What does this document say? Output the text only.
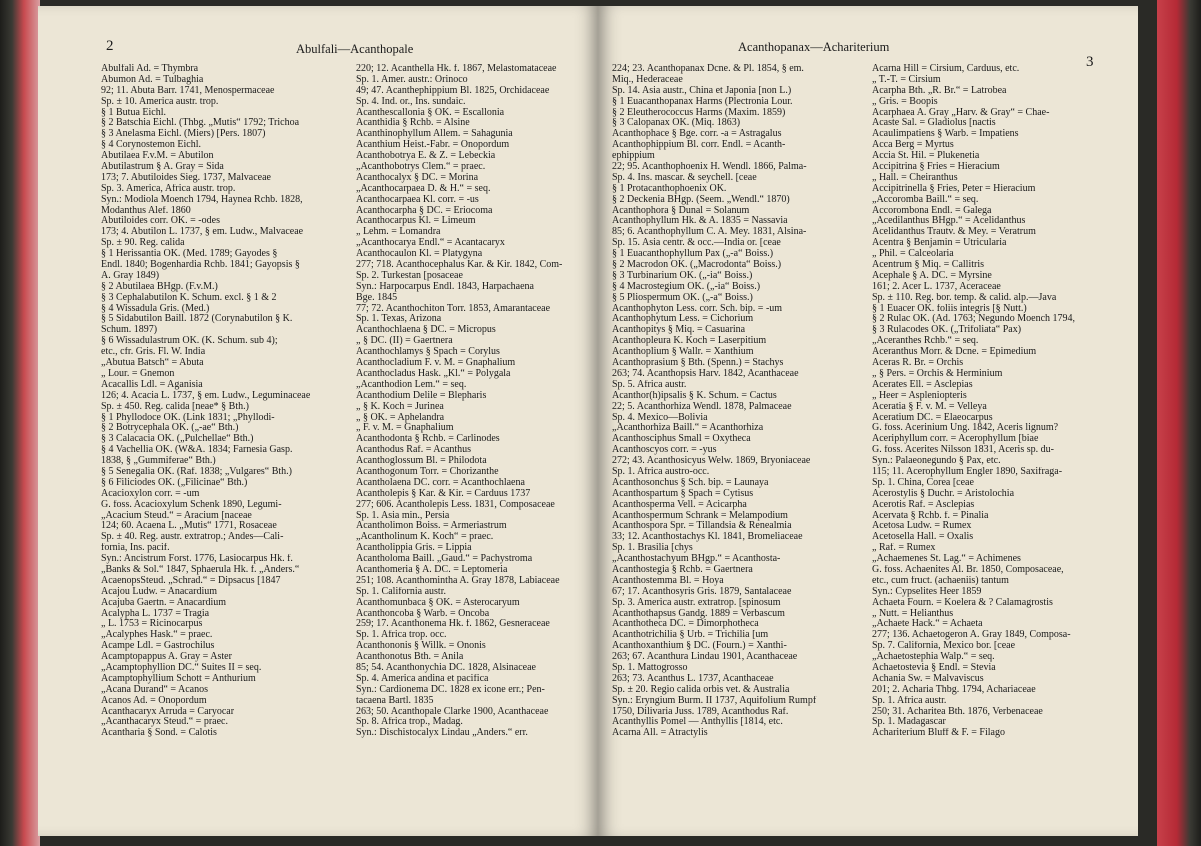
2	Abulfali—Acanthopale
Abulfali Ad. = Thymbra
Abumon Ad. = Tulbaghia
92; 11. Abuta Barr. 1741, Menospermaceae
Sp. ± 10. America austr. trop.
§ 1 Butua Eichl.
§ 2 Batschia Eichl. (Thbg. „Mutis“ 1792; Trichoa
§ 3 Anelasma Eichl. (Miers) [Pers. 1807)
§ 4 Corynostemon Eichl.
Abutilaea F.v.M. = Abutilon
Abutilastrum § A. Gray = Sida
173; 7. Abutiloides Sieg. 1737, Malvaceae
Sp. 3. America, Africa austr. trop.
Syn.: Modiola Moench 1794, Haynea Rchb. 1828,
Modanthus Alef. 1860
Abutiloides corr. OK. = -odes
173; 4. Abutilon L. 1737, § em. Ludw., Malvaceae
Sp. ± 90. Reg. calida
§ 1 Herissantia OK. (Med. 1789; Gayodes §
Endl. 1840; Bogenhardia Rchb. 1841; Gayopsis §
A. Gray 1849)
§ 2 Abutilaea BHgp. (F.v.M.)
§ 3 Cephalabutilon K. Schum. excl. § 1 & 2
§ 4 Wissadula Gris. (Med.)
§ 5 Sidabutilon Baill. 1872 (Corynabutilon § K.
Schum. 1897)
§ 6 Wissadulastrum OK. (K. Schum. sub 4);
etc., cfr. Gris. Fl. W. India
„Abutua Batsch“ = Abuta
„ Lour. = Gnemon
Acacallis Ldl. = Aganisia
126; 4. Acacia L. 1737, § em. Ludw., Leguminaceae
Sp. ± 450. Reg. calida [neae* § Bth.)
§ 1 Phyllodoce OK. (Link 1831; „Phyllodi-
§ 2 Botrycephala OK. („-ae“ Bth.)
§ 3 Calacacia OK. („Pulchellae“ Bth.)
§ 4 Vachellia OK. (W&A. 1834; Farnesia Gasp.
1838, § „Gummiferae“ Bth.)
§ 5 Senegalia OK. (Raf. 1838; „Vulgares“ Bth.)
§ 6 Filiciodes OK. („Filicinae“ Bth.)
Acacioxylon corr. = -um
G. foss. Acacioxylum Schenk 1890, Legumi-
„Acacium Steud.“ = Aracium [naceae
124; 60. Acaena L. „Mutis“ 1771, Rosaceae
Sp. ± 40. Reg. austr. extratrop.; Andes—Cali-
fornia, Ins. pacif.
Syn.: Ancistrum Forst. 1776, Lasiocarpus Hk. f.
„Banks & Sol.“ 1847, Sphaerula Hk. f. „Anders.“
AcaenopsSteud. „Schrad.“ = Dipsacus [1847
Acajou Ludw. = Anacardium
Acajuba Gaertn. = Anacardium
Acalypha L. 1737 = Tragia
„ L. 1753 = Ricinocarpus
„Acalyphes Hask.“ = praec.
Acampe Ldl. = Gastrochilus
Acamptopappus A. Gray = Aster
„Acamptophyllion DC.“ Suites II = seq.
Acamptophyllium Schott = Anthurium
„Acana Durand“ = Acanos
Acanos Ad. = Onopordum
Acanthacaryx Arruda = Caryocar
„Acanthacaryx Steud.“ = praec.
Acantharia § Sond. = Calotis
220; 12. Acanthella Hk. f. 1867, Melastomataceae
Sp. 1. Amer. austr.: Orinoco
49; 47. Acanthephippium Bl. 1825, Orchidaceae
Sp. 4. Ind. or., Ins. sundaic.
Acanthescallonia § OK. = Escallonia
Acanthidia § Rchb. = Alsine
Acanthinophyllum Allem. = Sahagunia
Acanthium Heist.-Fabr. = Onopordum
Acanthobotrya E. & Z. = Lebeckia
„Acanthobotrys Clem.“ = praec.
Acanthocalyx § DC. = Morina
„Acanthocarpaea D. & H.“ = seq.
Acanthocarpaea Kl. corr. = -us
Acanthocarpha § DC. = Eriocoma
Acanthocarpus Kl. = Limeum
„ Lehm. = Lomandra
„Acanthocarya Endl.“ = Acantacaryx
Acanthocaulon Kl. = Platygyna
277; 718. Acanthocephalus Kar. & Kir. 1842, Com-
Sp. 2. Turkestan [posaceae
Syn.: Harpocarpus Endl. 1843, Harpachaena
Bge. 1845
77; 72. Acanthochiton Torr. 1853, Amarantaceae
Sp. 1. Texas, Arizona
Acanthochlaena § DC. = Micropus
„ § DC. (II) = Gaertnera
Acanthochlamys § Spach = Corylus
Acanthocladium F. v. M. = Gnaphalium
Acanthocladus Hask. „Kl.“ = Polygala
„Acanthodion Lem.“ = seq.
Acanthodium Delile = Blepharis
„ § K. Koch = Jurinea
„ § OK. = Aphelandra
„ F. v. M. = Gnaphalium
Acanthodonta § Rchb. = Carlinodes
Acanthodus Raf. = Acanthus
Acanthoglossum Bl. = Philodota
Acanthogonum Torr. = Chorizanthe
Acantholaena DC. corr. = Acanthochlaena
Acantholepis § Kar. & Kir. = Carduus 1737
277; 606. Acantholepis Less. 1831, Composaceae
Sp. 1. Asia min., Persia
Acantholimon Boiss. = Armeriastrum
„Acantholinum K. Koch“ = praec.
Acantholippia Gris. = Lippia
Acantholoma Baill. „Gaud.“ = Pachystroma
Acanthomeria § A. DC. = Leptomeria
251; 108. Acanthomintha A. Gray 1878, Labiaceae
Sp. 1. California austr.
Acanthomunbaca § OK. = Asterocaryum
Acanthoncoba § Warb. = Oncoba
259; 17. Acanthonema Hk. f. 1862, Gesneraceae
Sp. 1. Africa trop. occ.
Acanthononis § Willk. = Ononis
Acanthonotus Bth. = Anila
85; 54. Acanthonychia DC. 1828, Alsinaceae
Sp. 4. America andina et pacifica
Syn.: Cardionema DC. 1828 ex icone err.; Pen-
tacaena Bartl. 1835
263; 50. Acanthopale Clarke 1900, Acanthaceae
Sp. 8. Africa trop., Madag.
Syn.: Dischistocalyx Lindau „Anders.“ err.
3
Acanthopanax—Achariterium
224; 23. Acanthopanax Dcne. & Pl. 1854, § em.
Miq., Hederaceae
Sp. 14. Asia austr., China et Japonia [non L.)
§ 1 Euacanthopanax Harms (Plectronia Lour.
§ 2 Eleutherococcus Harms (Maxim. 1859)
§ 3 Calopanax OK. (Miq. 1863)
Acanthophace § Bge. corr. -a = Astragalus
Acanthophippium Bl. corr. Endl. = Acanth-
ephippium
22; 95. Acanthophoenix H. Wendl. 1866, Palma-
Sp. 4. Ins. mascar. & seychell. [ceae
§ 1 Protacanthophoenix OK.
§ 2 Deckenia BHgp. (Seem. „Wendl.“ 1870)
Acanthophora § Dunal = Solanum
Acanthophyllum Hk. & A. 1835 = Nassavia
85; 6. Acanthophyllum C. A. Mey. 1831, Alsina-
Sp. 15. Asia centr. & occ.—India or. [ceae
§ 1 Euacanthophyllum Pax („-a“ Boiss.)
§ 2 Macrodon OK. („Macrodonta“ Boiss.)
§ 3 Turbinarium OK. („-ia“ Boiss.)
§ 4 Macrostegium OK. („-ia“ Boiss.)
§ 5 Pliospermum OK. („-a“ Boiss.)
Acanthophyton Less. corr. Sch. bip. = -um
Acanthophytum Less. = Cichorium
Acanthopitys § Miq. = Casuarina
Acanthopleura K. Koch = Laserpitium
Acanthoplium § Wallr. = Xanthium
Acanthoprasium § Bth. (Spenn.) = Stachys
263; 74. Acanthopsis Harv. 1842, Acanthaceae
Sp. 5. Africa austr.
Acanthor(h)ipsalis § K. Schum. = Cactus
22; 5. Acanthorhiza Wendl. 1878, Palmaceae
Sp. 4. Mexico—Bolivia
„Acanthorhiza Baill.“ = Acanthorhiza
Acanthosciphus Small = Oxytheca
Acanthoscyos corr. = -yus
272; 43. Acanthosicyus Welw. 1869, Bryoniaceae
Sp. 1. Africa austro-occ.
Acanthosonchus § Sch. bip. = Launaya
Acanthospartum § Spach = Cytisus
Acanthosperma Vell. = Acicarpha
Acanthospermum Schrank = Melampodium
Acanthospora Spr. = Tillandsia & Renealmia
33; 12. Acanthostachys Kl. 1841, Bromeliaceae
Sp. 1. Brasilia [chys
„Acanthostachyum BHgp.“ = Acanthosta-
Acanthostegia § Rchb. = Gaertnera
Acanthostemma Bl. = Hoya
67; 17. Acanthosyris Gris. 1879, Santalaceae
Sp. 3. America austr. extratrop. [spinosum
Acanthothapsus Gandg. 1889 = Verbascum
Acanthotheca DC. = Dimorphotheca
Acanthotrichilia § Urb. = Trichilia [um
Acanthoxanthium § DC. (Fourn.) = Xanthi-
263; 67. Acanthura Lindau 1901, Acanthaceae
Sp. 1. Mattogrosso
263; 73. Acanthus L. 1737, Acanthaceae
Sp. ± 20. Regio calida orbis vet. & Australia
Syn.: Eryngium Burm. II 1737, Aquifolium Rumpf
1750, Dilivaria Juss. 1789, Acanthodus Raf.
Acanthyllis Pomel — Anthyllis [1814, etc.
Acarna All. = Atractylis
Acarna Hill = Cirsium, Carduus, etc.
„ T.-T. = Cirsium
Acarpha Bth. „R. Br.“ = Latrobea
„ Gris. = Boopis
Acarphaea A. Gray „Harv. & Gray“ = Chae-
Acaste Sal. = Gladiolus [nactis
Acaulimpatiens § Warb. = Impatiens
Acca Berg = Myrtus
Accia St. Hil. = Plukenetia
Accipitrina § Fries = Hieracium
„ Hall. = Cheiranthus
Accipitrinella § Fries, Peter = Hieracium
„Accoromba Baill.“ = seq.
Accorombona Endl. = Galega
„Acedilanthus BHgp.“ = Acelidanthus
Acelidanthus Trautv. & Mey. = Veratrum
Acentra § Benjamin = Utricularia
„ Phil. = Calceolaria
Acentrum § Miq. = Callitris
Acephale § A. DC. = Myrsine
161; 2. Acer L. 1737, Aceraceae
Sp. ± 110. Reg. bor. temp. & calid. alp.—Java
§ 1 Euacer OK. foliis integris [§ Nutt.)
§ 2 Rulac OK. (Ad. 1763; Negundo Moench 1794,
§ 3 Rulacodes OK. („Trifoliata“ Pax)
„Aceranthes Rchb.“ = seq.
Aceranthus Morr. & Dcne. = Epimedium
Aceras R. Br. = Orchis
„ § Pers. = Orchis & Herminium
Acerates Ell. = Asclepias
„ Heer = Aspleniopteris
Aceratia § F. v. M. = Velleya
Aceratium DC. = Elaeocarpus
G. foss. Acerinium Ung. 1842, Aceris lignum?
Aceriphyllum corr. = Acerophyllum [biae
G. foss. Acerites Nilsson 1831, Aceris sp. du-
Syn.: Palaeonegundo § Pax, etc.
115; 11. Acerophyllum Engler 1890, Saxifraga-
Sp. 1. China, Corea [ceae
Acerostylis § Duchr. = Aristolochia
Acerotis Raf. = Asclepias
Acervata § Rchb. f. = Pinalia
Acetosa Ludw. = Rumex
Acetosella Hall. = Oxalis
„ Raf. = Rumex
„Achaemenes St. Lag.“ = Achimenes
G. foss. Achaenites Al. Br. 1850, Composaceae,
etc., cum fruct. (achaeniis) tantum
Syn.: Cypselites Heer 1859
Achaeta Fourn. = Koelera & ? Calamagrostis
„ Nutt. = Helianthus
„Achaete Hack.“ = Achaeta
277; 136. Achaetogeron A. Gray 1849, Composa-
Sp. 7. California, Mexico bor. [ceae
„Achaetostephia Walp.“ = seq.
Achaetostevia § Endl. = Stevia
Achania Sw. = Malvaviscus
201; 2. Acharia Thbg. 1794, Achariaceae
Sp. 1. Africa austr.
250; 31. Acharitea Bth. 1876, Verbenaceae
Sp. 1. Madagascar
Achariterium Bluff & F. = Filago
